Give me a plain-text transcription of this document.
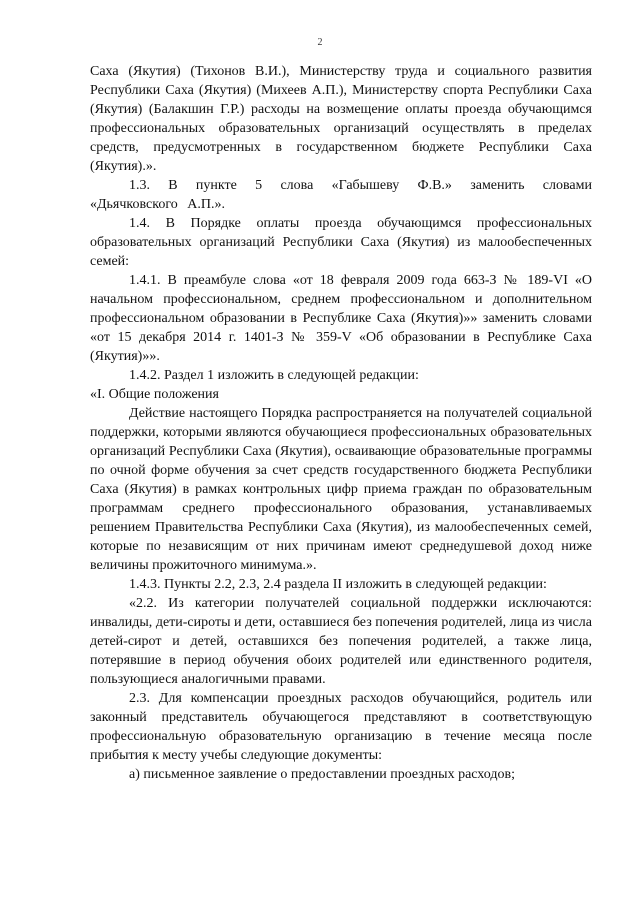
2

Саха (Якутия) (Тихонов В.И.), Министерству труда и социального развития Республики Саха (Якутия) (Михеев А.П.), Министерству спорта Республики Саха (Якутия) (Балакшин Г.Р.) расходы на возмещение оплаты проезда обучающимся профессиональных образовательных организаций осуществлять в пределах средств, предусмотренных в государственном бюджете Республики Саха (Якутия).».

1.3. В пункте 5 слова «Габышеву Ф.В.» заменить словами «Дьячковского А.П.».

1.4. В Порядке оплаты проезда обучающимся профессиональных образовательных организаций Республики Саха (Якутия) из малообеспеченных семей:

1.4.1. В преамбуле слова «от 18 февраля 2009 года 663-З № 189-VI «О начальном профессиональном, среднем профессиональном и дополнительном профессиональном образовании в Республике Саха (Якутия)»» заменить словами «от 15 декабря 2014 г. 1401-З № 359-V «Об образовании в Республике Саха (Якутия)»».

1.4.2. Раздел 1 изложить в следующей редакции:

«I. Общие положения

Действие настоящего Порядка распространяется на получателей социальной поддержки, которыми являются обучающиеся профессиональных образовательных организаций Республики Саха (Якутия), осваивающие образовательные программы по очной форме обучения за счет средств государственного бюджета Республики Саха (Якутия) в рамках контрольных цифр приема граждан по образовательным программам среднего профессионального образования, устанавливаемых решением Правительства Республики Саха (Якутия), из малообеспеченных семей, которые по независящим от них причинам имеют среднедушевой доход ниже величины прожиточного минимума.».

1.4.3. Пункты 2.2, 2.3, 2.4 раздела II изложить в следующей редакции:

«2.2. Из категории получателей социальной поддержки исключаются: инвалиды, дети-сироты и дети, оставшиеся без попечения родителей, лица из числа детей-сирот и детей, оставшихся без попечения родителей, а также лица, потерявшие в период обучения обоих родителей или единственного родителя, пользующиеся аналогичными правами.

2.3. Для компенсации проездных расходов обучающийся, родитель или законный представитель обучающегося представляют в соответствующую профессиональную образовательную организацию в течение месяца после прибытия к месту учебы следующие документы:

а) письменное заявление о предоставлении проездных расходов;
